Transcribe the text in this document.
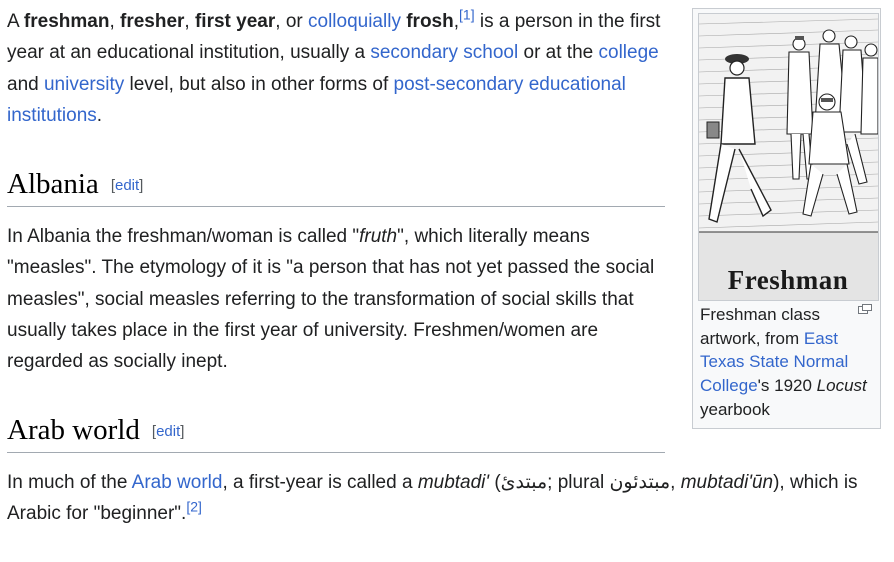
A freshman, fresher, first year, or colloquially frosh,[1] is a person in the first year at an educational institution, usually a secondary school or at the college and university level, but also in other forms of post-secondary educational institutions.

Albania [edit]

In Albania the freshman/woman is called "fruth", which literally means "measles". The etymology of it is "a person that has not yet passed the social measles", social measles referring to the transformation of social skills that usually takes place in the first year of university. Freshmen/women are regarded as socially inept.

Arab world [edit]

In much of the Arab world, a first-year is called a mubtadi' (مبتدئ; plural مبتدئون, mubtadi'ūn), which is Arabic for "beginner".[2]

Freshman
Freshman class artwork, from East Texas State Normal College's 1920 Locust yearbook
